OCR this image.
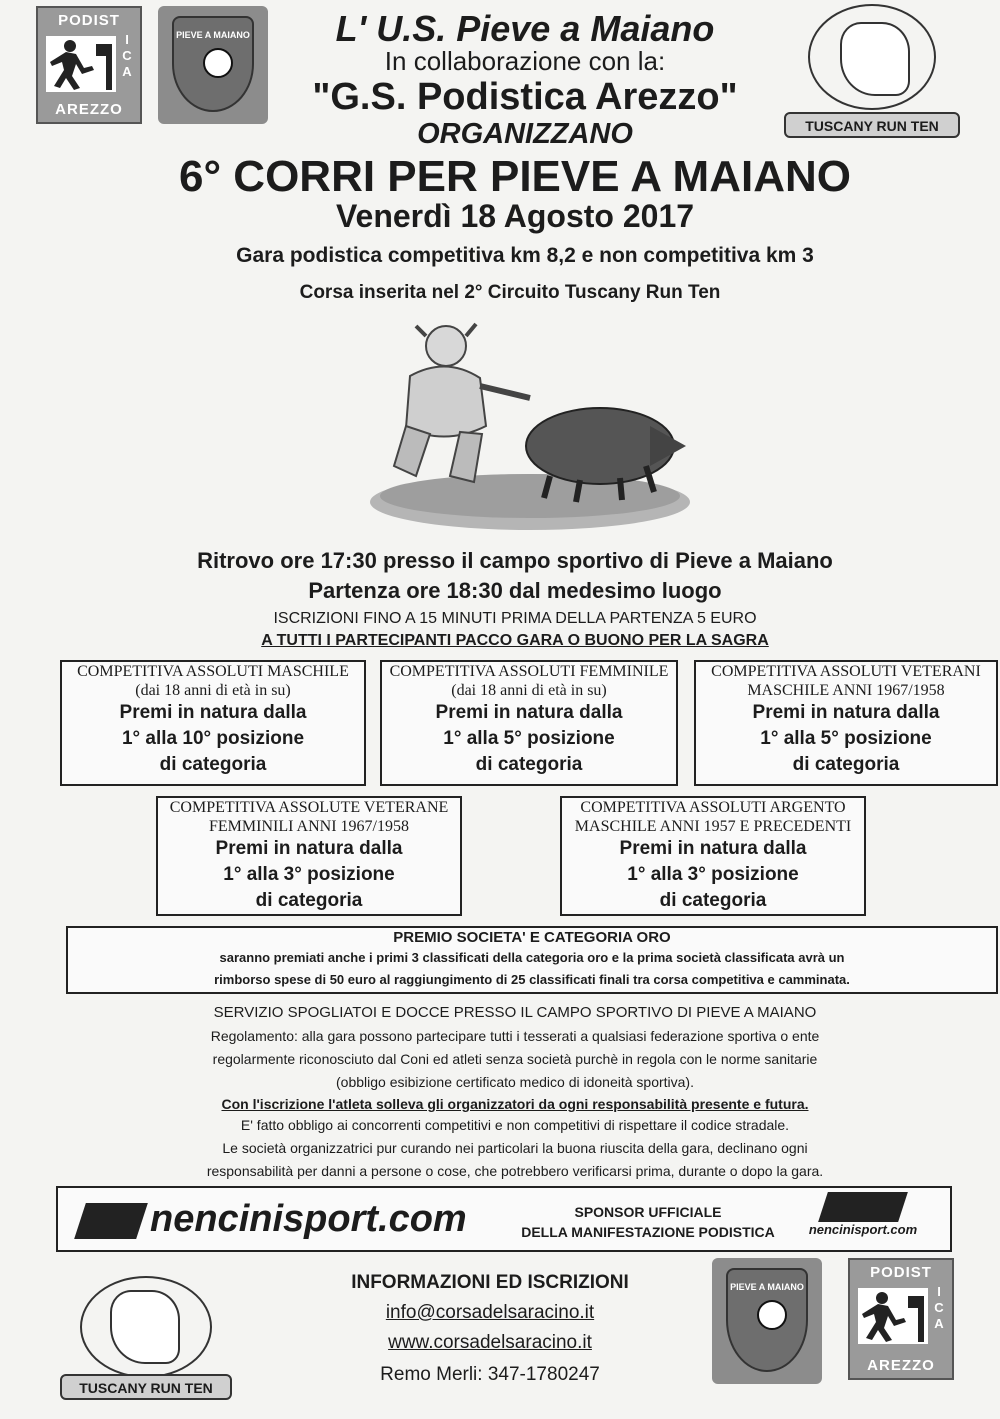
PODIST
I
C
A
AREZZO
PIEVE A MAIANO
TUSCANY RUN TEN
L' U.S. Pieve a Maiano
In collaborazione con la:
"G.S. Podistica Arezzo"
ORGANIZZANO
6° CORRI PER PIEVE A MAIANO
Venerdì 18 Agosto 2017
Gara podistica competitiva km 8,2 e non competitiva km 3
Corsa inserita nel 2° Circuito Tuscany Run Ten
Ritrovo ore 17:30 presso il campo sportivo di Pieve a Maiano
Partenza ore 18:30 dal medesimo luogo
ISCRIZIONI FINO A 15 MINUTI PRIMA DELLA PARTENZA 5 EURO
A TUTTI I PARTECIPANTI PACCO GARA O BUONO PER LA SAGRA
COMPETITIVA ASSOLUTI MASCHILE
(dai 18 anni di età in su)
Premi in natura dalla
1° alla 10° posizione
di categoria
COMPETITIVA ASSOLUTI FEMMINILE
(dai 18 anni di età in su)
Premi in natura dalla
1° alla 5° posizione
di categoria
COMPETITIVA ASSOLUTI VETERANI
MASCHILE ANNI 1967/1958
Premi in natura dalla
1° alla 5° posizione
di categoria
COMPETITIVA ASSOLUTE VETERANE
FEMMINILI ANNI 1967/1958
Premi in natura dalla
1° alla 3° posizione
di categoria
COMPETITIVA ASSOLUTI ARGENTO
MASCHILE ANNI 1957 E PRECEDENTI
Premi in natura dalla
1° alla 3° posizione
di categoria
PREMIO SOCIETA' E CATEGORIA ORO
saranno premiati anche i primi 3 classificati della categoria oro e la prima società classificata avrà un
rimborso spese di 50 euro al raggiungimento di 25 classificati finali tra corsa competitiva e camminata.
SERVIZIO SPOGLIATOI E DOCCE PRESSO IL CAMPO SPORTIVO DI PIEVE A MAIANO
Regolamento: alla gara possono partecipare tutti i tesserati a qualsiasi federazione sportiva o ente
regolarmente riconosciuto dal Coni ed atleti senza società purchè in regola con le norme sanitarie
(obbligo esibizione certificato medico di idoneità sportiva).
Con l'iscrizione l'atleta solleva gli organizzatori da ogni responsabilità presente e futura.
E' fatto obbligo ai concorrenti competitivi e non competitivi di rispettare il codice stradale.
Le società organizzatrici pur curando nei particolari la buona riuscita della gara, declinano ogni
responsabilità per danni a persone o cose, che potrebbero verificarsi prima, durante o dopo la gara.
nencinisport.com	SPONSOR UFFICIALE
DELLA MANIFESTAZIONE PODISTICA	nencinisport.com
TUSCANY RUN TEN
PIEVE A MAIANO
PODIST
I
C
A
AREZZO
INFORMAZIONI ED ISCRIZIONI
info@corsadelsaracino.it
www.corsadelsaracino.it
Remo Merli: 347-1780247
